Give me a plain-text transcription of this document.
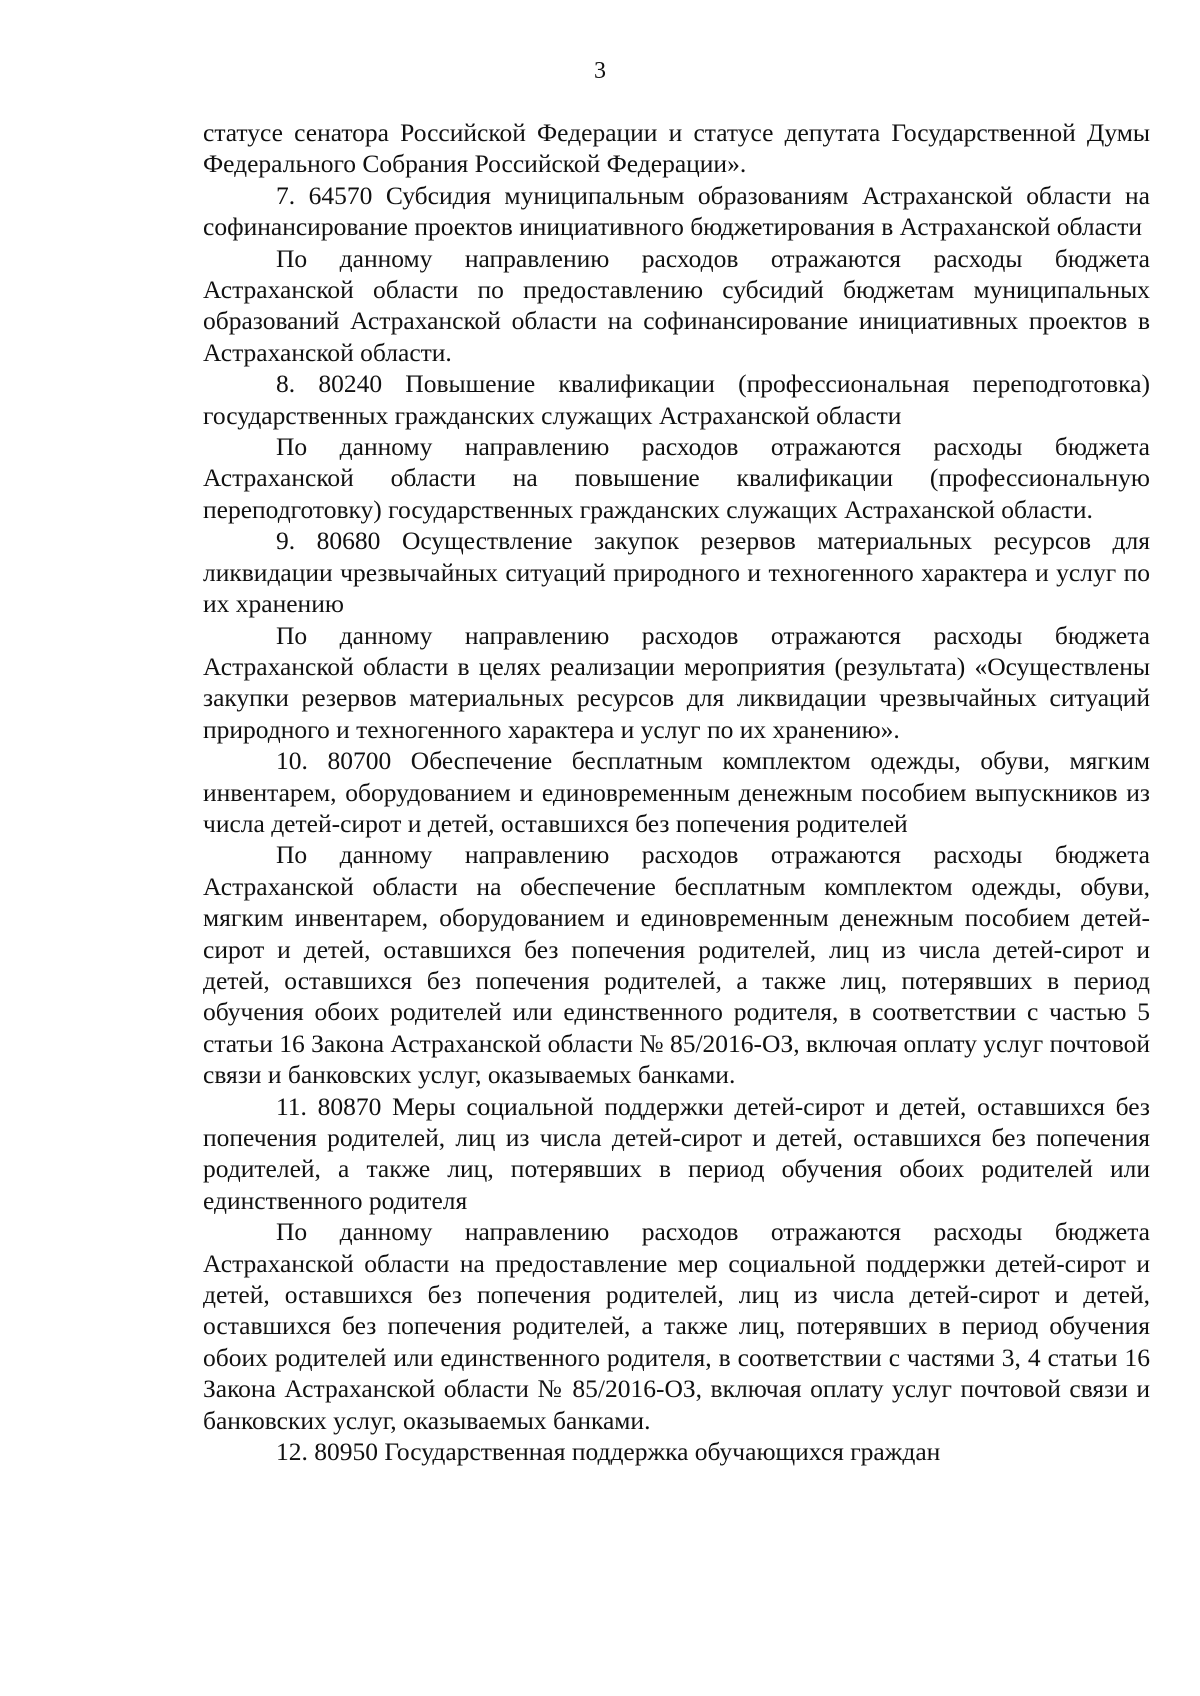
3

статусе сенатора Российской Федерации и статусе депутата Государственной Думы Федерального Собрания Российской Федерации».

7. 64570 Субсидия муниципальным образованиям Астраханской области на софинансирование проектов инициативного бюджетирования в Астраханской области

По данному направлению расходов отражаются расходы бюджета Астраханской области по предоставлению субсидий бюджетам муниципальных образований Астраханской области на софинансирование инициативных проектов в Астраханской области.

8. 80240 Повышение квалификации (профессиональная переподготовка) государственных гражданских служащих Астраханской области

По данному направлению расходов отражаются расходы бюджета Астраханской области на повышение квалификации (профессиональную переподготовку) государственных гражданских служащих Астраханской области.

9. 80680 Осуществление закупок резервов материальных ресурсов для ликвидации чрезвычайных ситуаций природного и техногенного характера и услуг по их хранению

По данному направлению расходов отражаются расходы бюджета Астраханской области в целях реализации мероприятия (результата) «Осуществлены закупки резервов материальных ресурсов для ликвидации чрезвычайных ситуаций природного и техногенного характера и услуг по их хранению».

10. 80700 Обеспечение бесплатным комплектом одежды, обуви, мягким инвентарем, оборудованием и единовременным денежным пособием выпускников из числа детей-сирот и детей, оставшихся без попечения родителей

По данному направлению расходов отражаются расходы бюджета Астраханской области на обеспечение бесплатным комплектом одежды, обуви, мягким инвентарем, оборудованием и единовременным денежным пособием детей-сирот и детей, оставшихся без попечения родителей, лиц из числа детей-сирот и детей, оставшихся без попечения родителей, а также лиц, потерявших в период обучения обоих родителей или единственного родителя, в соответствии с частью 5 статьи 16 Закона Астраханской области № 85/2016-ОЗ, включая оплату услуг почтовой связи и банковских услуг, оказываемых банками.

11. 80870 Меры социальной поддержки детей-сирот и детей, оставшихся без попечения родителей, лиц из числа детей-сирот и детей, оставшихся без попечения родителей, а также лиц, потерявших в период обучения обоих родителей или единственного родителя

По данному направлению расходов отражаются расходы бюджета Астраханской области на предоставление мер социальной поддержки детей-сирот и детей, оставшихся без попечения родителей, лиц из числа детей-сирот и детей, оставшихся без попечения родителей, а также лиц, потерявших в период обучения обоих родителей или единственного родителя, в соответствии с частями 3, 4 статьи 16 Закона Астраханской области № 85/2016-ОЗ, включая оплату услуг почтовой связи и банковских услуг, оказываемых банками.

12. 80950 Государственная поддержка обучающихся граждан
